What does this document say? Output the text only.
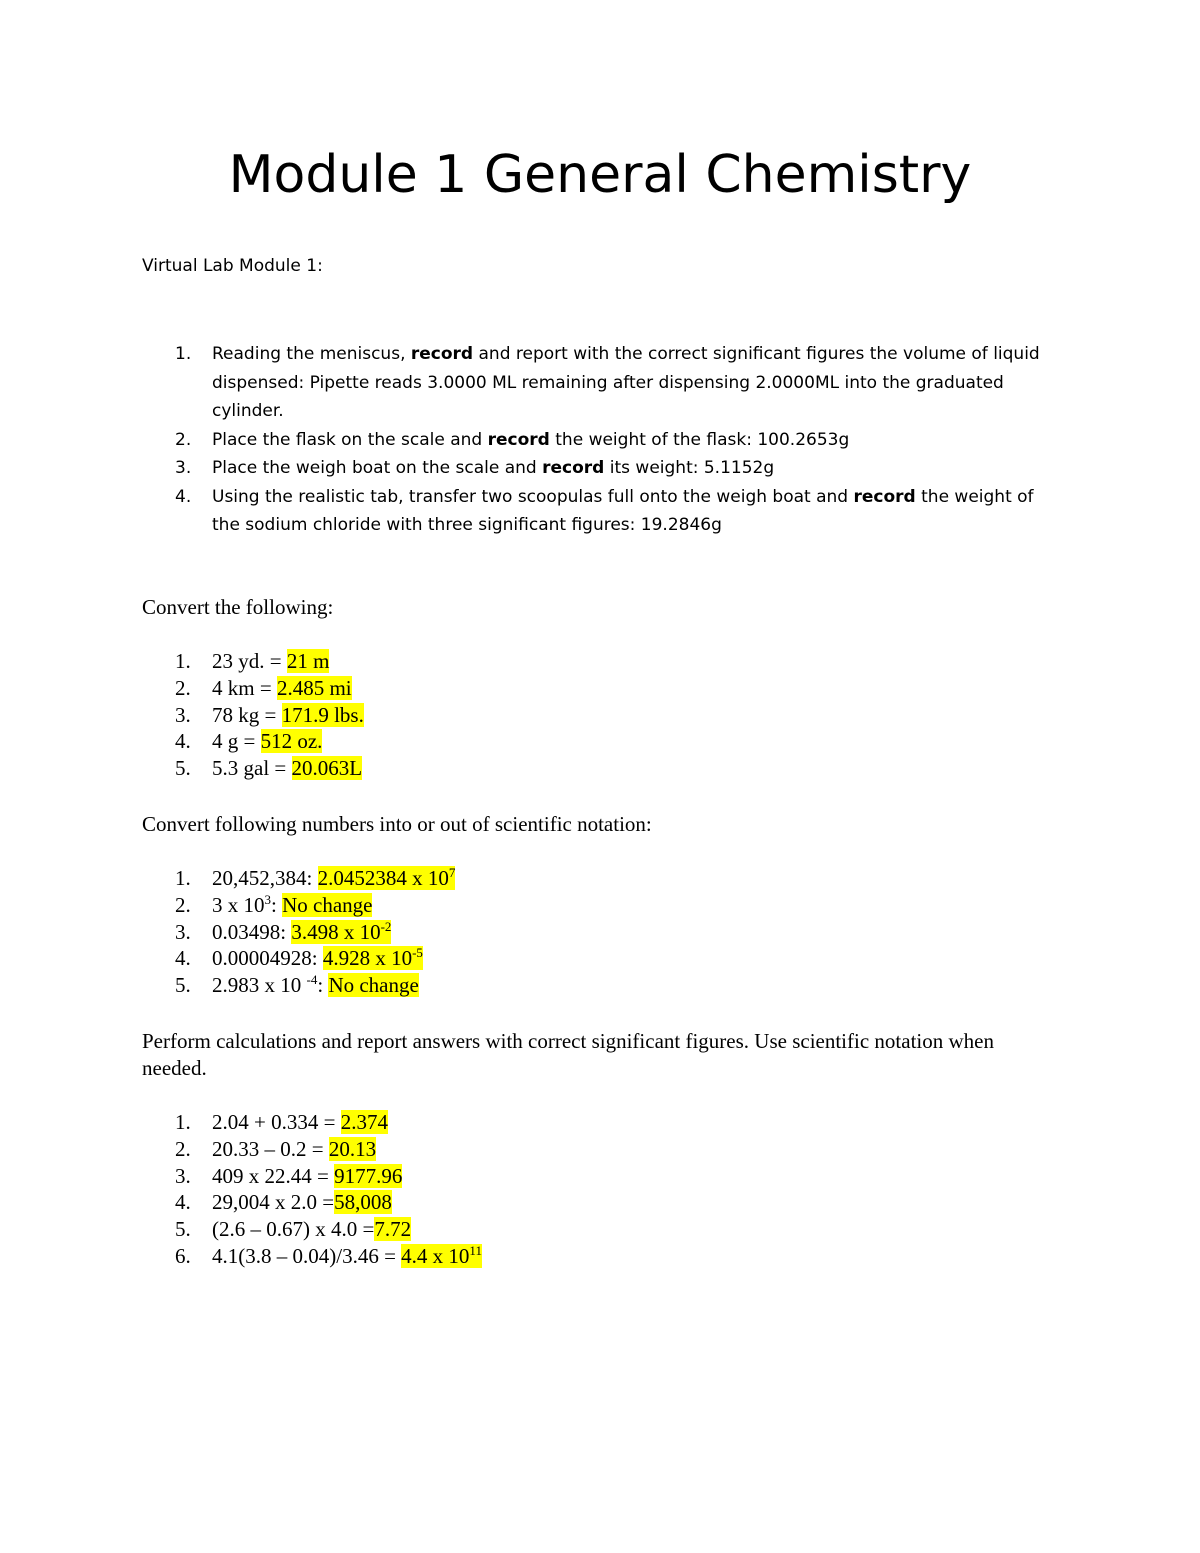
Module 1 General Chemistry

Virtual Lab Module 1:

1. Reading the meniscus, record and report with the correct significant figures the volume of liquid dispensed: Pipette reads 3.0000 ML remaining after dispensing 2.0000ML into the graduated cylinder.
2. Place the flask on the scale and record the weight of the flask: 100.2653g
3. Place the weigh boat on the scale and record its weight: 5.1152g
4. Using the realistic tab, transfer two scoopulas full onto the weigh boat and record the weight of the sodium chloride with three significant figures: 19.2846g

Convert the following:

1. 23 yd. = 21 m
2. 4 km = 2.485 mi
3. 78 kg = 171.9 lbs.
4. 4 g = 512 oz.
5. 5.3 gal = 20.063L

Convert following numbers into or out of scientific notation:

1. 20,452,384: 2.0452384 x $10^7$
2. 3 x $10^3$: No change
3. 0.03498: 3.498 x $10^{-2}$
4. 0.00004928: 4.928 x $10^{-5}$
5. 2.983 x 10 $^{-4}$: No change

Perform calculations and report answers with correct significant figures. Use scientific notation when needed.

1. 2.04 + 0.334 = 2.374
2. 20.33 – 0.2 = 20.13
3. 409 x 22.44 = 9177.96
4. 29,004 x 2.0 =58,008
5. (2.6 – 0.67) x 4.0 =7.72
6. 4.1(3.8 – 0.04)/3.46 = 4.4 x $10^{11}$
